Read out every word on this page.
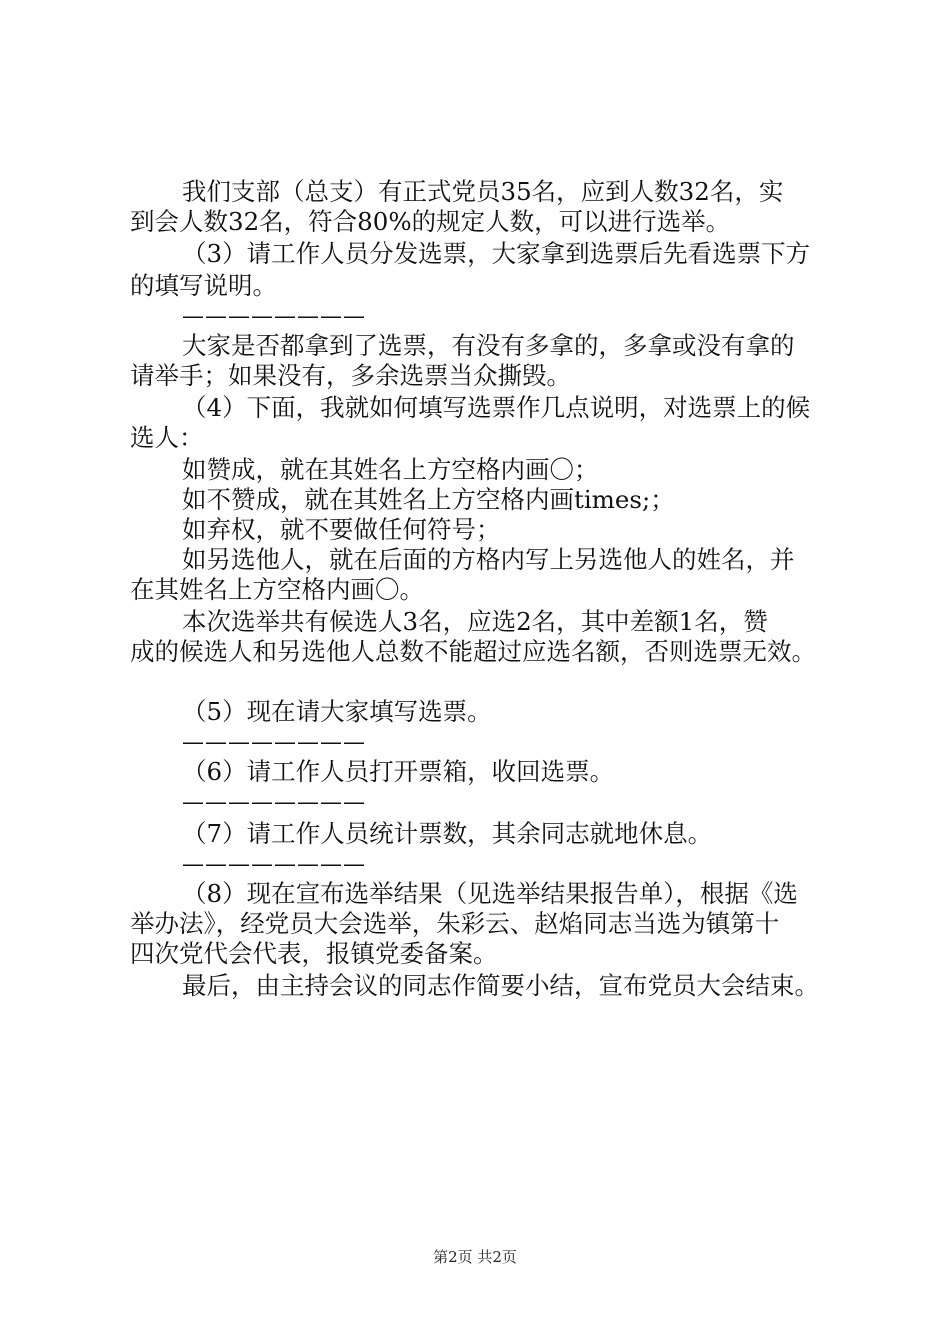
我们支部（总支）有正式党员35名，应到人数32名，实
到会人数32名，符合80%的规定人数，可以进行选举。
（3）请工作人员分发选票，大家拿到选票后先看选票下方
的填写说明。
————————
大家是否都拿到了选票，有没有多拿的，多拿或没有拿的
请举手；如果没有，多余选票当众撕毁。
（4）下面，我就如何填写选票作几点说明，对选票上的候
选人：
如赞成，就在其姓名上方空格内画〇；
如不赞成，就在其姓名上方空格内画times;；
如弃权，就不要做任何符号；
如另选他人，就在后面的方格内写上另选他人的姓名，并
在其姓名上方空格内画〇。
本次选举共有候选人3名，应选2名，其中差额1名，赞
成的候选人和另选他人总数不能超过应选名额，否则选票无效。
（5）现在请大家填写选票。
————————
（6）请工作人员打开票箱，收回选票。
————————
（7）请工作人员统计票数，其余同志就地休息。
————————
（8）现在宣布选举结果（见选举结果报告单），根据《选
举办法》，经党员大会选举，朱彩云、赵焰同志当选为镇第十
四次党代会代表，报镇党委备案。
最后，由主持会议的同志作简要小结，宣布党员大会结束。
第2页 共2页
